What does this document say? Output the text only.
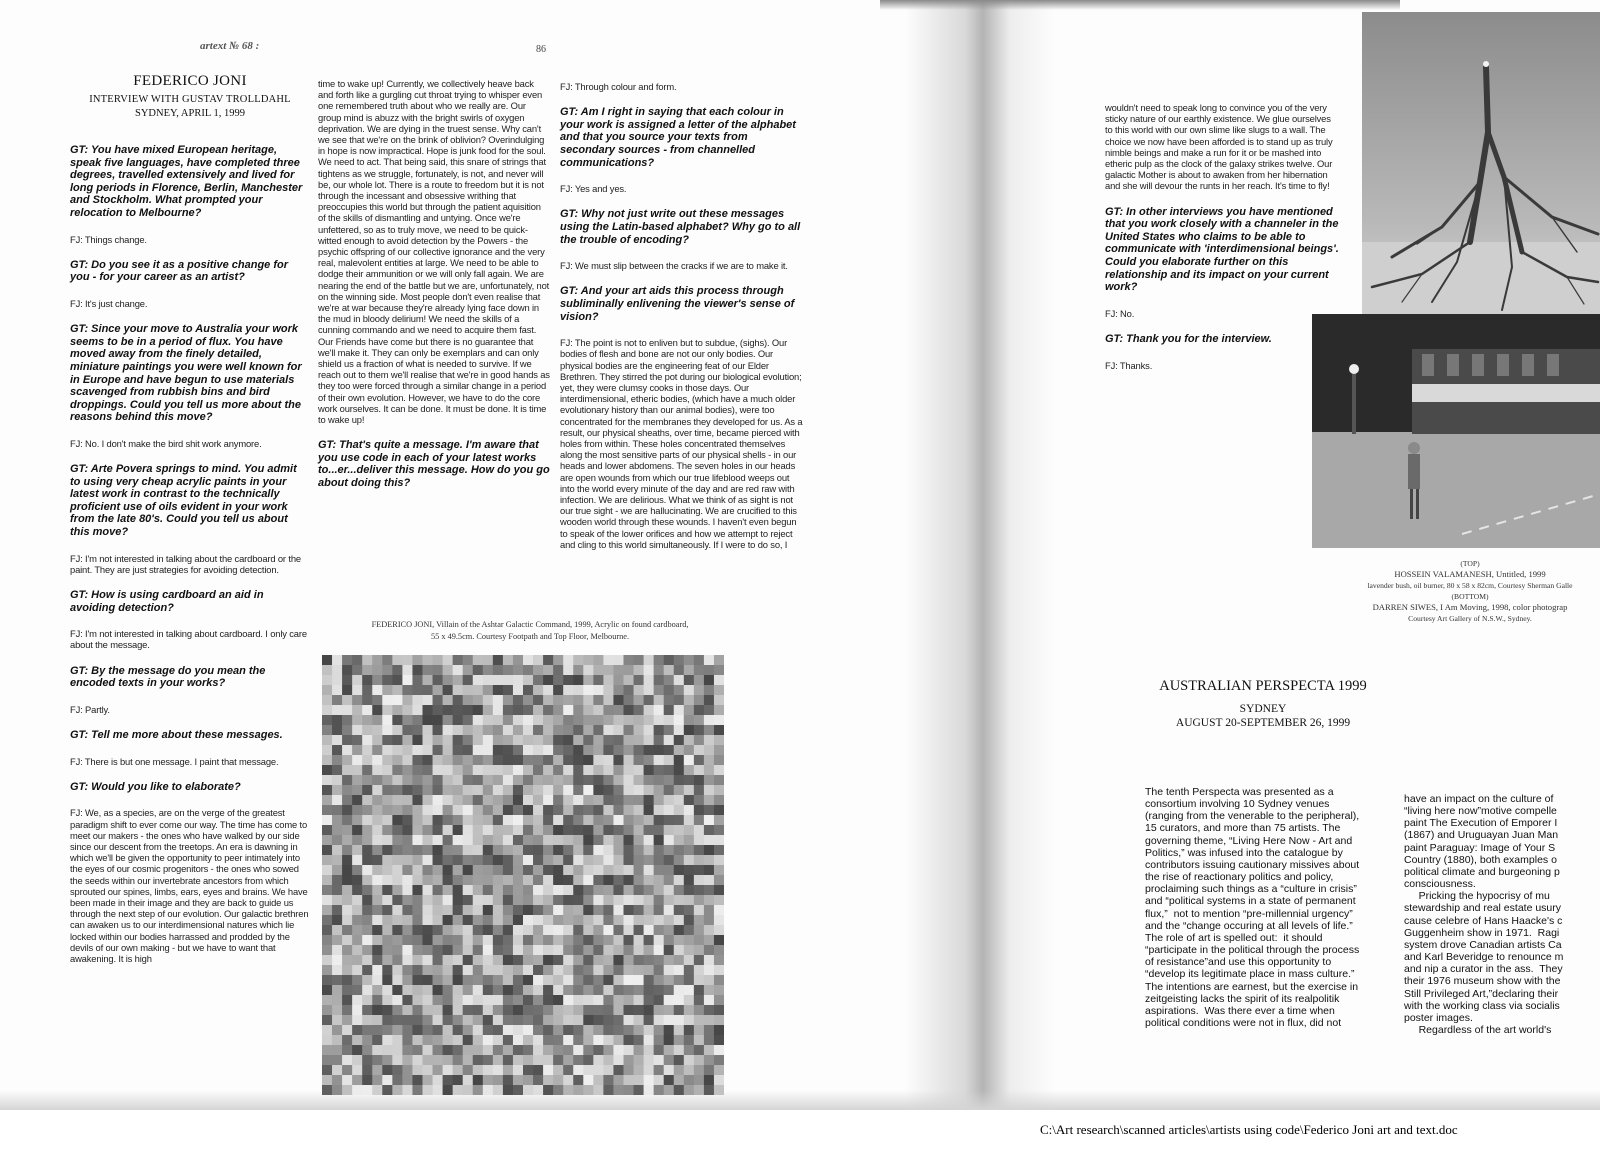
artext № 68 :	86
FEDERICO JONI
INTERVIEW WITH GUSTAV TROLLDAHL
SYDNEY, APRIL 1, 1999

GT: You have mixed European heritage, speak five languages, have completed three degrees, travelled extensively and lived for long periods in Florence, Berlin, Manchester and Stockholm. What prompted your relocation to Melbourne?

FJ: Things change.

GT: Do you see it as a positive change for you - for your career as an artist?

FJ: It's just change.

GT: Since your move to Australia your work seems to be in a period of flux. You have moved away from the finely detailed, miniature paintings you were well known for in Europe and have begun to use materials scavenged from rubbish bins and bird droppings. Could you tell us more about the reasons behind this move?

FJ: No. I don't make the bird shit work anymore.

GT: Arte Povera springs to mind. You admit to using very cheap acrylic paints in your latest work in contrast to the technically proficient use of oils evident in your work from the late 80's. Could you tell us about this move?

FJ: I'm not interested in talking about the cardboard or the paint. They are just strategies for avoiding detection.

GT: How is using cardboard an aid in avoiding detection?

FJ: I'm not interested in talking about cardboard. I only care about the message.

GT: By the message do you mean the encoded texts in your works?

FJ: Partly.

GT: Tell me more about these messages.

FJ: There is but one message. I paint that message.

GT: Would you like to elaborate?

FJ: We, as a species, are on the verge of the greatest paradigm shift to ever come our way. The time has come to meet our makers - the ones who have walked by our side since our descent from the treetops. An era is dawning in which we'll be given the opportunity to peer intimately into the eyes of our cosmic progenitors - the ones who sowed the seeds within our invertebrate ancestors from which sprouted our spines, limbs, ears, eyes and brains. We have been made in their image and they are back to guide us through the next step of our evolution. Our galactic brethren can awaken us to our interdimensional natures which lie locked within our bodies harrassed and prodded by the devils of our own making - but we have to want that awakening. It is high

time to wake up! Currently, we collectively heave back and forth like a gurgling cut throat trying to whisper even one remembered truth about who we really are. Our group mind is abuzz with the bright swirls of oxygen deprivation. We are dying in the truest sense. Why can't we see that we're on the brink of oblivion? Overindulging in hope is now impractical. Hope is junk food for the soul. We need to act. That being said, this snare of strings that tightens as we struggle, fortunately, is not, and never will be, our whole lot. There is a route to freedom but it is not through the incessant and obsessive writhing that preoccupies this world but through the patient aquisition of the skills of dismantling and untying. Once we're unfettered, so as to truly move, we need to be quick-witted enough to avoid detection by the Powers - the psychic offspring of our collective ignorance and the very real, malevolent entities at large. We need to be able to dodge their ammunition or we will only fall again. We are nearing the end of the battle but we are, unfortunately, not on the winning side. Most people don't even realise that we're at war because they're already lying face down in the mud in bloody delirium! We need the skills of a cunning commando and we need to acquire them fast. Our Friends have come but there is no guarantee that we'll make it. They can only be exemplars and can only shield us a fraction of what is needed to survive. If we reach out to them we'll realise that we're in good hands as they too were forced through a similar change in a period of their own evolution. However, we have to do the core work ourselves. It can be done. It must be done. It is time to wake up!

GT: That's quite a message. I'm aware that you use code in each of your latest works to...er...deliver this message. How do you go about doing this?

FJ: Through colour and form.

GT: Am I right in saying that each colour in your work is assigned a letter of the alphabet and that you source your texts from secondary sources - from channelled communications?

FJ: Yes and yes.

GT: Why not just write out these messages using the Latin-based alphabet? Why go to all the trouble of encoding?

FJ: We must slip between the cracks if we are to make it.

GT: And your art aids this process through subliminally enlivening the viewer's sense of vision?

FJ: The point is not to enliven but to subdue, (sighs). Our bodies of flesh and bone are not our only bodies. Our physical bodies are the engineering feat of our Elder Brethren. They stirred the pot during our biological evolution; yet, they were clumsy cooks in those days. Our interdimensional, etheric bodies, (which have a much older evolutionary history than our animal bodies), were too concentrated for the membranes they developed for us. As a result, our physical sheaths, over time, became pierced with holes from within. These holes concentrated themselves along the most sensitive parts of our physical shells - in our heads and lower abdomens. The seven holes in our heads are open wounds from which our true lifeblood weeps out into the world every minute of the day and are red raw with infection. We are delirious. What we think of as sight is not our true sight - we are hallucinating. We are crucified to this wooden world through these wounds. I haven't even begun to speak of the lower orifices and how we attempt to reject and cling to this world simultaneously. If I were to do so, I

wouldn't need to speak long to convince you of the very sticky nature of our earthly existence. We glue ourselves to this world with our own slime like slugs to a wall. The choice we now have been afforded is to stand up as truly nimble beings and make a run for it or be mashed into etheric pulp as the clock of the galaxy strikes twelve. Our galactic Mother is about to awaken from her hibernation and she will devour the runts in her reach. It's time to fly!

GT: In other interviews you have mentioned that you work closely with a channeler in the United States who claims to be able to communicate with 'interdimensional beings'. Could you elaborate further on this relationship and its impact on your current work?

FJ: No.

GT: Thank you for the interview.

FJ: Thanks.

FEDERICO JONI, Villain of the Ashtar Galactic Command, 1999, Acrylic on found cardboard,
55 x 49.5cm. Courtesy Footpath and Top Floor, Melbourne.
(TOP)
HOSSEIN VALAMANESH, Untitled, 1999
lavender bush, oil burner, 80 x 58 x 82cm, Courtesy Sherman Galle
(BOTTOM)
DARREN SIWES, I Am Moving, 1998, color photograp
Courtesy Art Gallery of N.S.W., Sydney.
AUSTRALIAN PERSPECTA 1999
SYDNEY
AUGUST 20-SEPTEMBER 26, 1999

The tenth Perspecta was presented as a

consortium involving 10 Sydney venues

(ranging from the venerable to the peripheral),

15 curators, and more than 75 artists. The

governing theme, “Living Here Now - Art and

Politics,” was infused into the catalogue by

contributors issuing cautionary missives about

the rise of reactionary politics and policy,

proclaiming such things as a “culture in crisis”

and “political systems in a state of permanent

flux,”  not to mention “pre-millennial urgency”

and the “change occuring at all levels of life.”

The role of art is spelled out:  it should

“participate in the political through the process

of resistance”and use this opportunity to

“develop its legitimate place in mass culture.”

The intentions are earnest, but the exercise in

zeitgeisting lacks the spirit of its realpolitik

aspirations.  Was there ever a time when

political conditions were not in flux, did not

have an impact on the culture of

“living here now”motive compelle

paint The Execution of Emporer I

(1867) and Uruguayan Juan Man

paint Paraguay: Image of Your S

Country (1880), both examples o

political climate and burgeoning p

consciousness.

Pricking the hypocrisy of mu

stewardship and real estate usury

cause celebre of Hans Haacke's c

Guggenheim show in 1971.  Ragi

system drove Canadian artists Ca

and Karl Beveridge to renounce m

and nip a curator in the ass.  They

their 1976 museum show with the

Still Privileged Art,”declaring their

with the working class via socialis

poster images.

Regardless of the art world's

C:\Art research\scanned articles\artists using code\Federico Joni art and text.doc
